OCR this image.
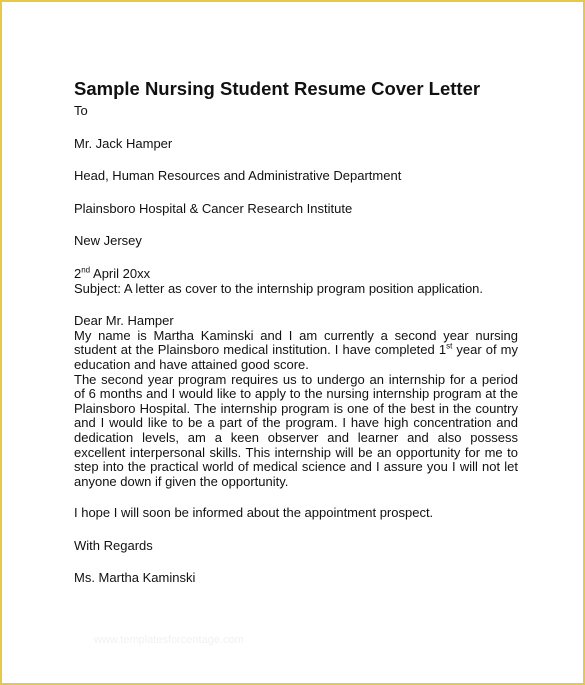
Sample Nursing Student Resume Cover Letter

To

Mr. Jack Hamper

Head, Human Resources and Administrative Department

Plainsboro Hospital & Cancer Research Institute

New Jersey

2nd April 20xx

Subject: A letter as cover to the internship program position application.

Dear Mr. Hamper

My name is Martha Kaminski and I am currently a second year nursing student at the Plainsboro medical institution. I have completed 1st year of my education and have attained good score.

The second year program requires us to undergo an internship for a period of 6 months and I would like to apply to the nursing internship program at the Plainsboro Hospital. The internship program is one of the best in the country and I would like to be a part of the program. I have high concentration and dedication levels, am a keen observer and learner and also possess excellent interpersonal skills. This internship will be an opportunity for me to step into the practical world of medical science and I assure you I will not let anyone down if given the opportunity.

I hope I will soon be informed about the appointment prospect.

With Regards

Ms. Martha Kaminski

www.templatesforcentage.com
